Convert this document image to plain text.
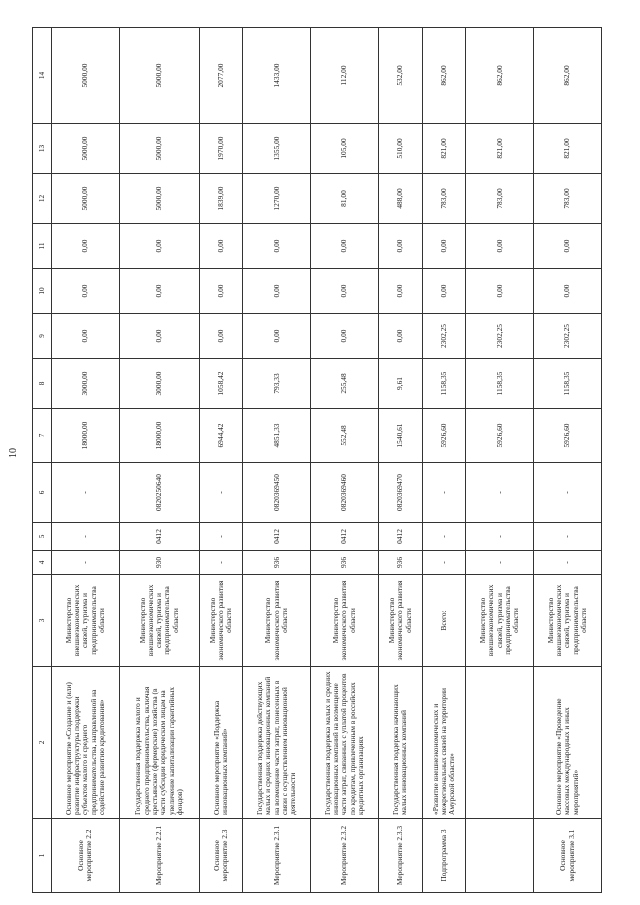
10
1	2	3	4	5	6	7	8	9	10	11	12	13	14
Основное мероприятие 2.2	Основное мероприятие «Создание и (или) развитие инфраструктуры поддержки субъектов малого и среднего предпринимательства, направленной на содействие развитию кредитования»	Министерство внешнеэкономических связей, туризма и предпринимательства области	-	-	-	18000,00	3000,00	0,00	0,00	0,00	5000,00	5000,00	5000,00
Мероприятие 2.2.1	Государственная поддержка малого и среднего предпринимательства, включая крестьянские (фермерские) хозяйства (в части субсидии юридическим лицам на увеличение капитализации гарантийных фондов)	Министерство внешнеэкономических связей, туризма и предпринимательства области	930	0412	0820250640	18000,00	3000,00	0,00	0,00	0,00	5000,00	5000,00	5000,00
Основное мероприятие 2.3	Основное мероприятие «Поддержка инновационных компаний»	Министерство экономического развития области	-	-	-	6944,42	1058,42	0,00	0,00	0,00	1839,00	1970,00	2077,00
Мероприятие 2.3.1	Государственная поддержка действующих малых и средних инновационных компаний на возмещение части затрат, понесенных в связи с осуществлением инновационной деятельности	Министерство экономического развития области	936	0412	0820369450	4851,33	793,33	0,00	0,00	0,00	1270,00	1355,00	1433,00
Мероприятие 2.3.2	Государственная поддержка малых и средних инновационных компаний на возмещение части затрат, связанных с уплатой процентов по кредитам, привлеченным в российских кредитных организациях	Министерство экономического развития области	936	0412	0820369460	552,48	255,48	0,00	0,00	0,00	81,00	105,00	112,00
Мероприятие 2.3.3	Государственная поддержка начинающих малых инновационных компаний	Министерство экономического развития области	936	0412	0820369470	1540,61	9,61	0,00	0,00	0,00	488,00	510,00	532,00
Подпрограмма 3	«Развитие внешнеэкономических и межрегиональных связей на территории Амурской области»	Всего:	-	-	-	5926,60	1158,35	2302,25	0,00	0,00	783,00	821,00	862,00
		Министерство внешнеэкономических связей, туризма и предпринимательства области	-	-	-	5926,60	1158,35	2302,25	0,00	0,00	783,00	821,00	862,00
Основное мероприятие 3.1	Основное мероприятие «Проведение массовых международных и иных мероприятий»	Министерство внешнеэкономических связей, туризма и предпринимательства области	-	-	-	5926,60	1158,35	2302,25	0,00	0,00	783,00	821,00	862,00
